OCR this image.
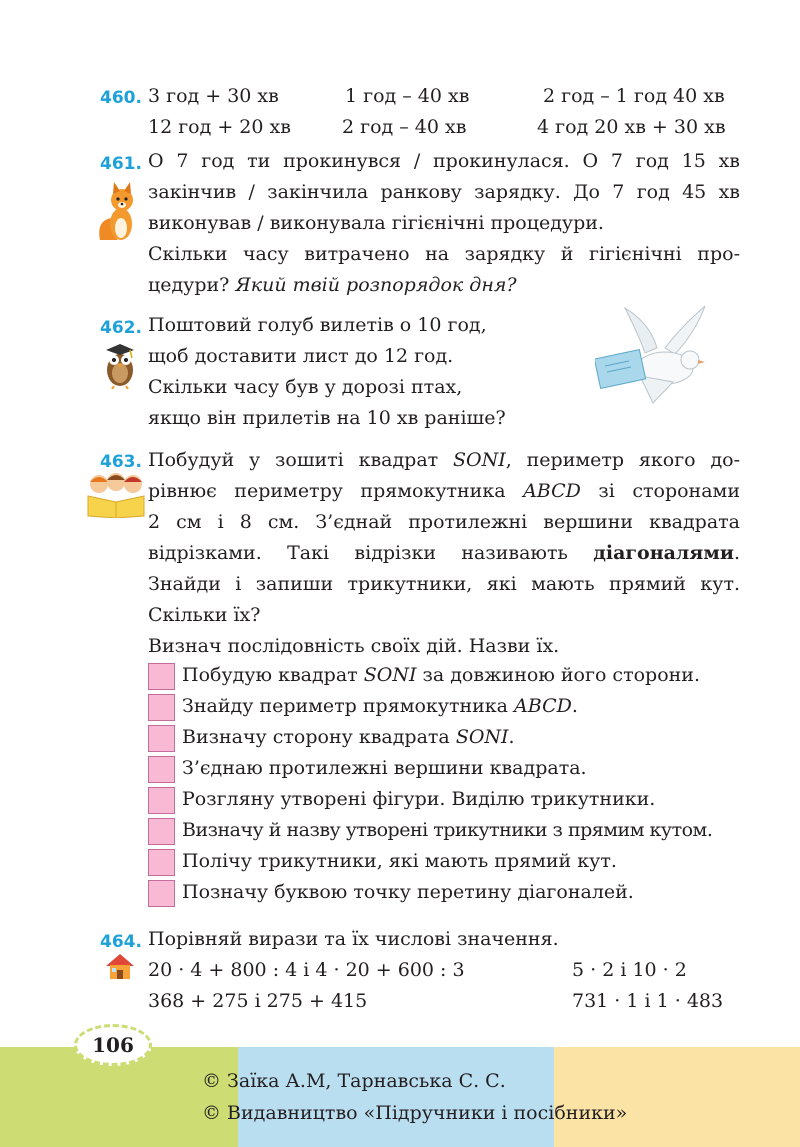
460. 3 год + 30 хв	1 год – 40 хв	2 год – 1 год 40 хв
12 год + 20 хв	2 год – 40 хв	4 год 20 хв + 30 хв
461. О 7 год ти прокинувся / прокинулася. О 7 год 15 хв
закінчив / закінчила ранкову зарядку. До 7 год 45 хв
виконував / виконувала гігієнічні процедури.
Скільки часу витрачено на зарядку й гігієнічні про-
цедури? Який твій розпорядок дня?
462. Поштовий голуб вилетів о 10 год,
щоб доставити лист до 12 год.
Скільки часу був у дорозі птах,
якщо він прилетів на 10 хв раніше?
463. Побудуй у зошиті квадрат SONI, периметр якого до-
рівнює периметру прямокутника ABCD зі сторонами
2 см і 8 см. З’єднай протилежні вершини квадрата
відрізками. Такі відрізки називають діагоналями.
Знайди і запиши трикутники, які мають прямий кут.
Скільки їх?
Визнач послідовність своїх дій. Назви їх.
Побудую квадрат SONI за довжиною його сторони.
Знайду периметр прямокутника ABCD.
Визначу сторону квадрата SONI.
З’єднаю протилежні вершини квадрата.
Розгляну утворені фігури. Виділю трикутники.
Визначу й назву утворені трикутники з прямим кутом.
Полічу трикутники, які мають прямий кут.
Позначу буквою точку перетину діагоналей.
464. Порівняй вирази та їх числові значення.
20 · 4 + 800 : 4 і 4 · 20 + 600 : 3	5 · 2 і 10 · 2
368 + 275 і 275 + 415	731 · 1 і 1 · 483
106
© Заїка А.М, Тарнавська С. С.
© Видавництво «Підручники і посібники»
